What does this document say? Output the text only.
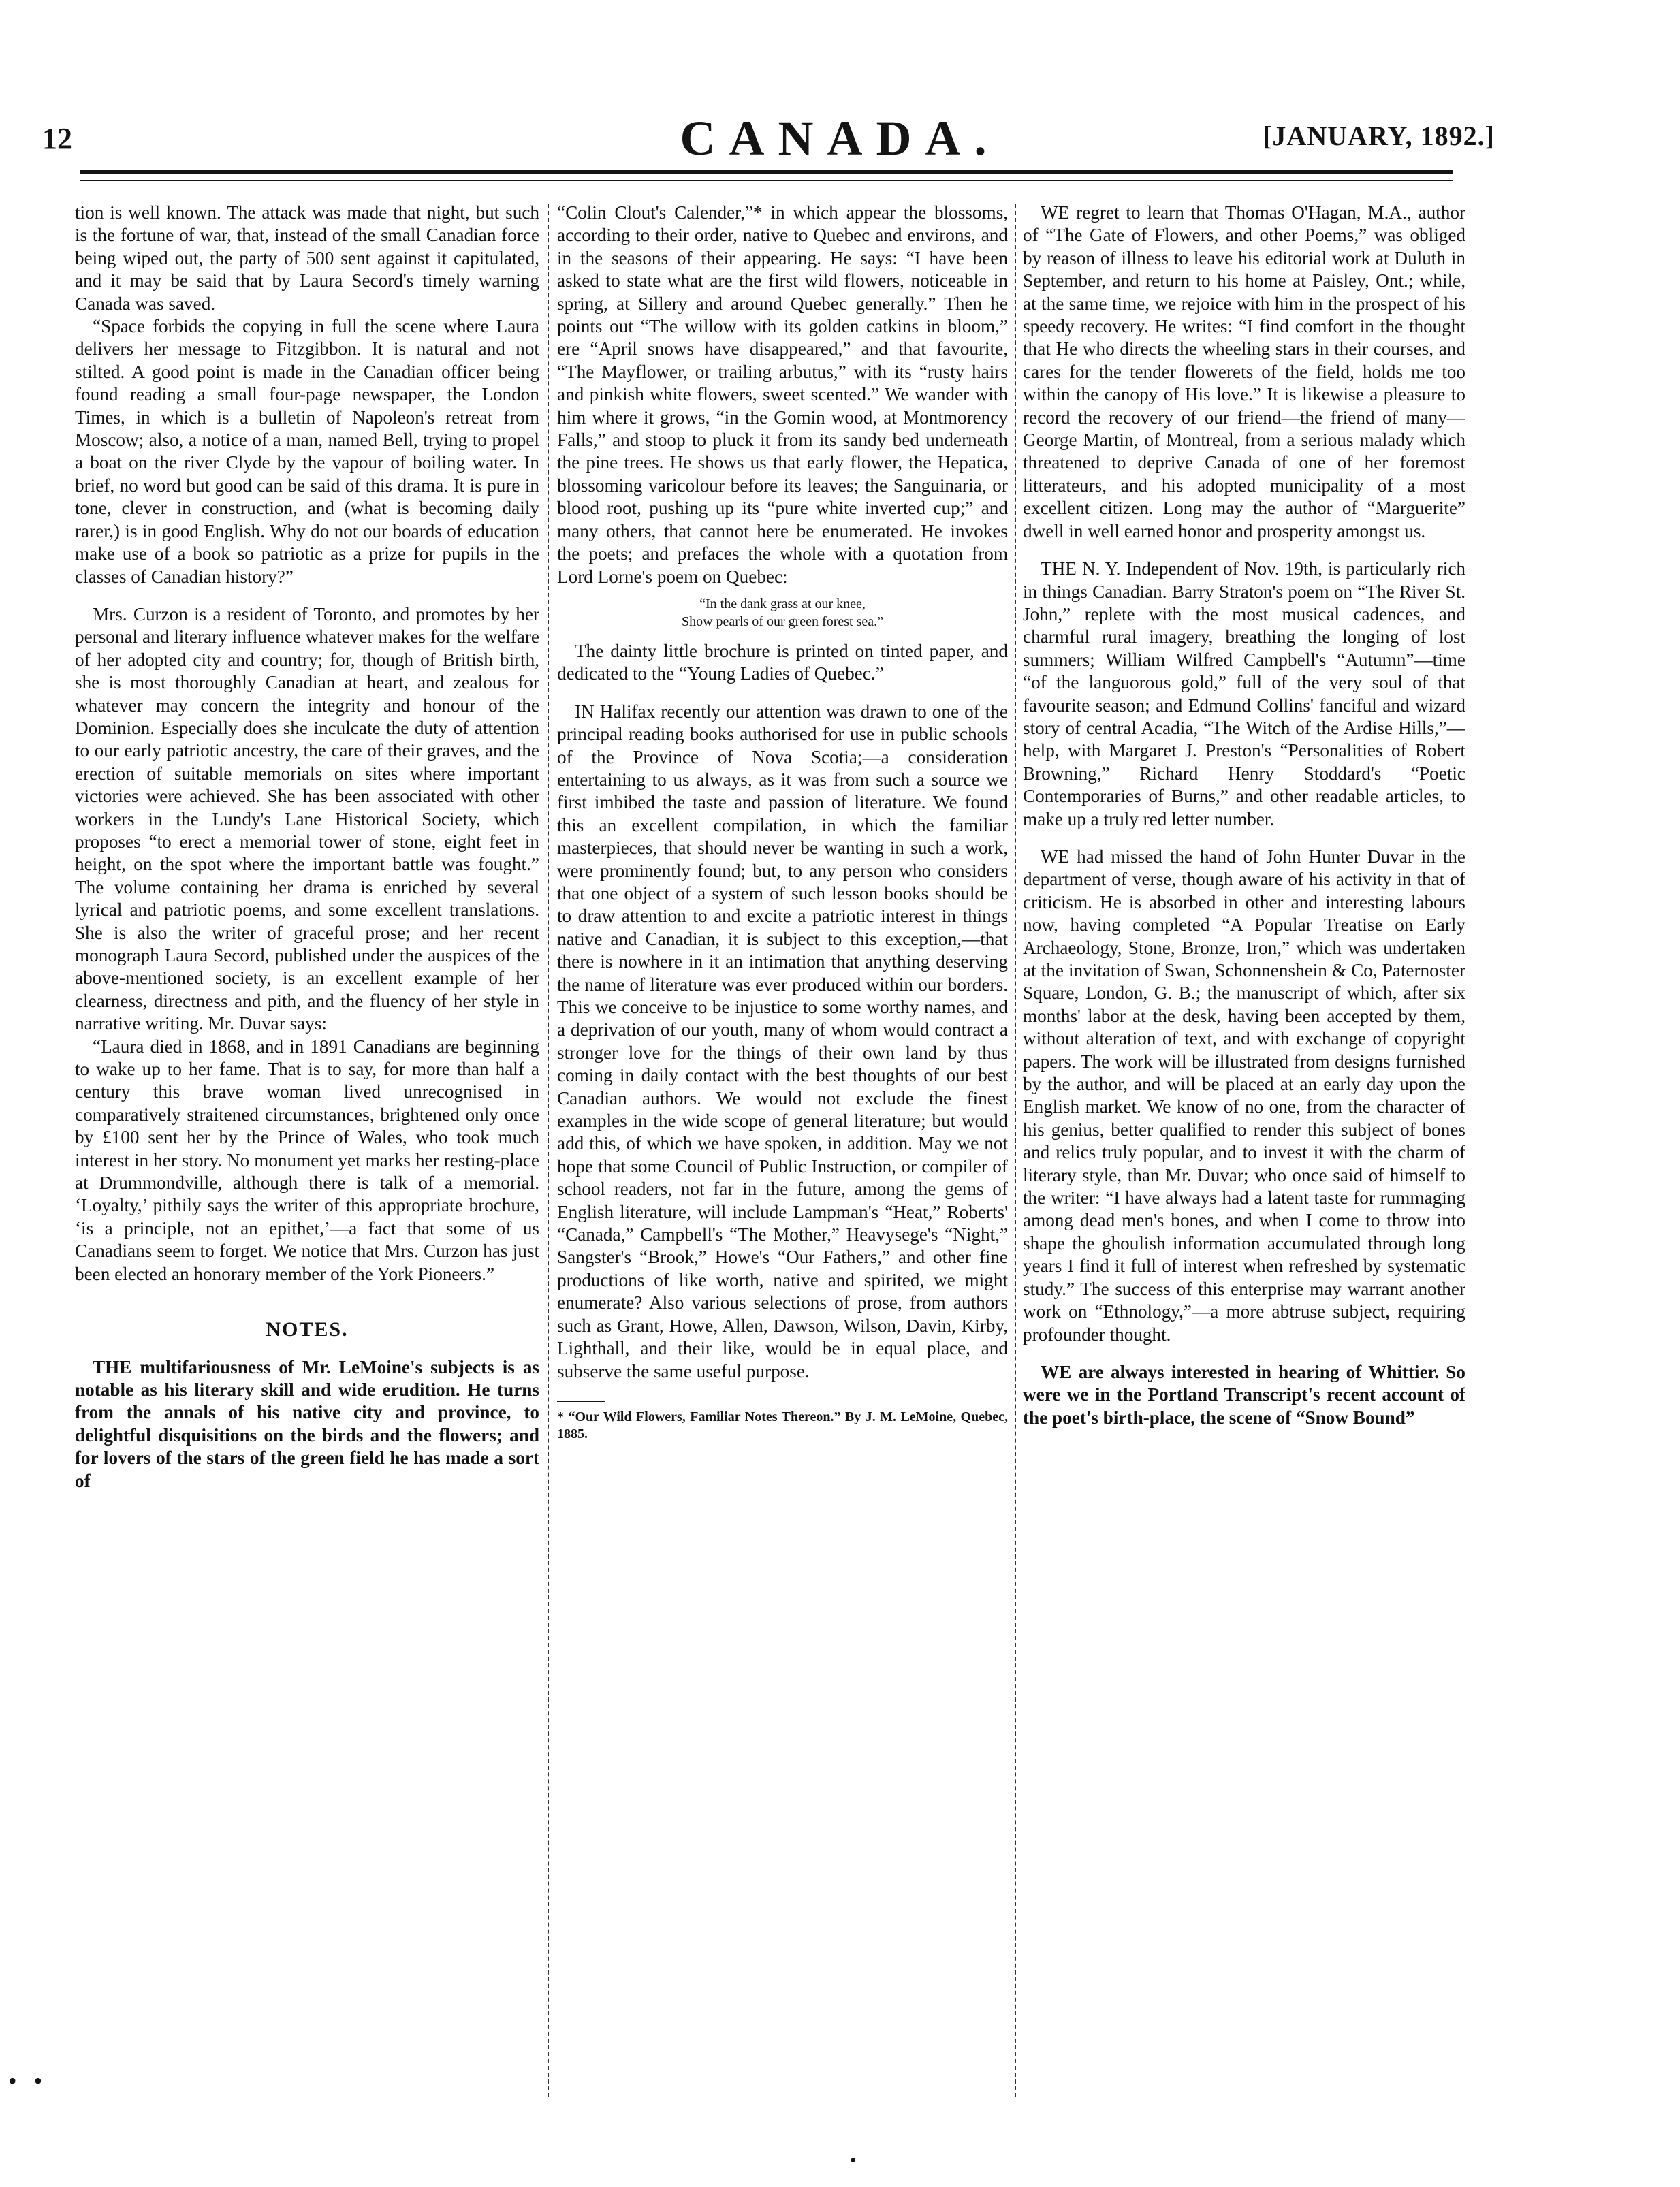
12	CANADA.	[JANUARY, 1892.]

tion is well known. The attack was made that night, but such is the fortune of war, that, instead of the small Canadian force being wiped out, the party of 500 sent against it capitulated, and it may be said that by Laura Secord's timely warning Canada was saved.

“Space forbids the copying in full the scene where Laura delivers her message to Fitzgibbon. It is natural and not stilted. A good point is made in the Canadian officer being found reading a small four-page newspaper, the London Times, in which is a bulletin of Napoleon's retreat from Moscow; also, a notice of a man, named Bell, trying to propel a boat on the river Clyde by the vapour of boiling water. In brief, no word but good can be said of this drama. It is pure in tone, clever in construction, and (what is becoming daily rarer,) is in good English. Why do not our boards of education make use of a book so patriotic as a prize for pupils in the classes of Canadian history?”

Mrs. Curzon is a resident of Toronto, and promotes by her personal and literary influence whatever makes for the welfare of her adopted city and country; for, though of British birth, she is most thoroughly Canadian at heart, and zealous for whatever may concern the integrity and honour of the Dominion. Especially does she inculcate the duty of attention to our early patriotic ancestry, the care of their graves, and the erection of suitable memorials on sites where important victories were achieved. She has been associated with other workers in the Lundy's Lane Historical Society, which proposes “to erect a memorial tower of stone, eight feet in height, on the spot where the important battle was fought.” The volume containing her drama is enriched by several lyrical and patriotic poems, and some excellent translations. She is also the writer of graceful prose; and her recent monograph Laura Secord, published under the auspices of the above-mentioned society, is an excellent example of her clearness, directness and pith, and the fluency of her style in narrative writing. Mr. Duvar says:

“Laura died in 1868, and in 1891 Canadians are beginning to wake up to her fame. That is to say, for more than half a century this brave woman lived unrecognised in comparatively straitened circumstances, brightened only once by £100 sent her by the Prince of Wales, who took much interest in her story. No monument yet marks her resting-place at Drummondville, although there is talk of a memorial. ‘Loyalty,’ pithily says the writer of this appropriate brochure, ‘is a principle, not an epithet,’—a fact that some of us Canadians seem to forget. We notice that Mrs. Curzon has just been elected an honorary member of the York Pioneers.”

NOTES.

THE multifariousness of Mr. LeMoine's subjects is as notable as his literary skill and wide erudition. He turns from the annals of his native city and province, to delightful disquisitions on the birds and the flowers; and for lovers of the stars of the green field he has made a sort of

“Colin Clout's Calender,”* in which appear the blossoms, according to their order, native to Quebec and environs, and in the seasons of their appearing. He says: “I have been asked to state what are the first wild flowers, noticeable in spring, at Sillery and around Quebec generally.” Then he points out “The willow with its golden catkins in bloom,” ere “April snows have disappeared,” and that favourite, “The Mayflower, or trailing arbutus,” with its “rusty hairs and pinkish white flowers, sweet scented.” We wander with him where it grows, “in the Gomin wood, at Montmorency Falls,” and stoop to pluck it from its sandy bed underneath the pine trees. He shows us that early flower, the Hepatica, blossoming varicolour before its leaves; the Sanguinaria, or blood root, pushing up its “pure white inverted cup;” and many others, that cannot here be enumerated. He invokes the poets; and prefaces the whole with a quotation from Lord Lorne's poem on Quebec:

“In the dank grass at our knee,
Show pearls of our green forest sea.”

The dainty little brochure is printed on tinted paper, and dedicated to the “Young Ladies of Quebec.”

IN Halifax recently our attention was drawn to one of the principal reading books authorised for use in public schools of the Province of Nova Scotia;—a consideration entertaining to us always, as it was from such a source we first imbibed the taste and passion of literature. We found this an excellent compilation, in which the familiar masterpieces, that should never be wanting in such a work, were prominently found; but, to any person who considers that one object of a system of such lesson books should be to draw attention to and excite a patriotic interest in things native and Canadian, it is subject to this exception,—that there is nowhere in it an intimation that anything deserving the name of literature was ever produced within our borders. This we conceive to be injustice to some worthy names, and a deprivation of our youth, many of whom would contract a stronger love for the things of their own land by thus coming in daily contact with the best thoughts of our best Canadian authors. We would not exclude the finest examples in the wide scope of general literature; but would add this, of which we have spoken, in addition. May we not hope that some Council of Public Instruction, or compiler of school readers, not far in the future, among the gems of English literature, will include Lampman's “Heat,” Roberts' “Canada,” Campbell's “The Mother,” Heavysege's “Night,” Sangster's “Brook,” Howe's “Our Fathers,” and other fine productions of like worth, native and spirited, we might enumerate? Also various selections of prose, from authors such as Grant, Howe, Allen, Dawson, Wilson, Davin, Kirby, Lighthall, and their like, would be in equal place, and subserve the same useful purpose.

* “Our Wild Flowers, Familiar Notes Thereon.” By J. M. LeMoine, Quebec, 1885.

WE regret to learn that Thomas O'Hagan, M.A., author of “The Gate of Flowers, and other Poems,” was obliged by reason of illness to leave his editorial work at Duluth in September, and return to his home at Paisley, Ont.; while, at the same time, we rejoice with him in the prospect of his speedy recovery. He writes: “I find comfort in the thought that He who directs the wheeling stars in their courses, and cares for the tender flowerets of the field, holds me too within the canopy of His love.” It is likewise a pleasure to record the recovery of our friend—the friend of many—George Martin, of Montreal, from a serious malady which threatened to deprive Canada of one of her foremost litterateurs, and his adopted municipality of a most excellent citizen. Long may the author of “Marguerite” dwell in well earned honor and prosperity amongst us.

THE N. Y. Independent of Nov. 19th, is particularly rich in things Canadian. Barry Straton's poem on “The River St. John,” replete with the most musical cadences, and charmful rural imagery, breathing the longing of lost summers; William Wilfred Campbell's “Autumn”—time “of the languorous gold,” full of the very soul of that favourite season; and Edmund Collins' fanciful and wizard story of central Acadia, “The Witch of the Ardise Hills,”—help, with Margaret J. Preston's “Personalities of Robert Browning,” Richard Henry Stoddard's “Poetic Contemporaries of Burns,” and other readable articles, to make up a truly red letter number.

WE had missed the hand of John Hunter Duvar in the department of verse, though aware of his activity in that of criticism. He is absorbed in other and interesting labours now, having completed “A Popular Treatise on Early Archaeology, Stone, Bronze, Iron,” which was undertaken at the invitation of Swan, Schonnenshein & Co, Paternoster Square, London, G. B.; the manuscript of which, after six months' labor at the desk, having been accepted by them, without alteration of text, and with exchange of copyright papers. The work will be illustrated from designs furnished by the author, and will be placed at an early day upon the English market. We know of no one, from the character of his genius, better qualified to render this subject of bones and relics truly popular, and to invest it with the charm of literary style, than Mr. Duvar; who once said of himself to the writer: “I have always had a latent taste for rummaging among dead men's bones, and when I come to throw into shape the ghoulish information accumulated through long years I find it full of interest when refreshed by systematic study.” The success of this enterprise may warrant another work on “Ethnology,”—a more abtruse subject, requiring profounder thought.

WE are always interested in hearing of Whittier. So were we in the Portland Transcript's recent account of the poet's birth-place, the scene of “Snow Bound”

• •
•
